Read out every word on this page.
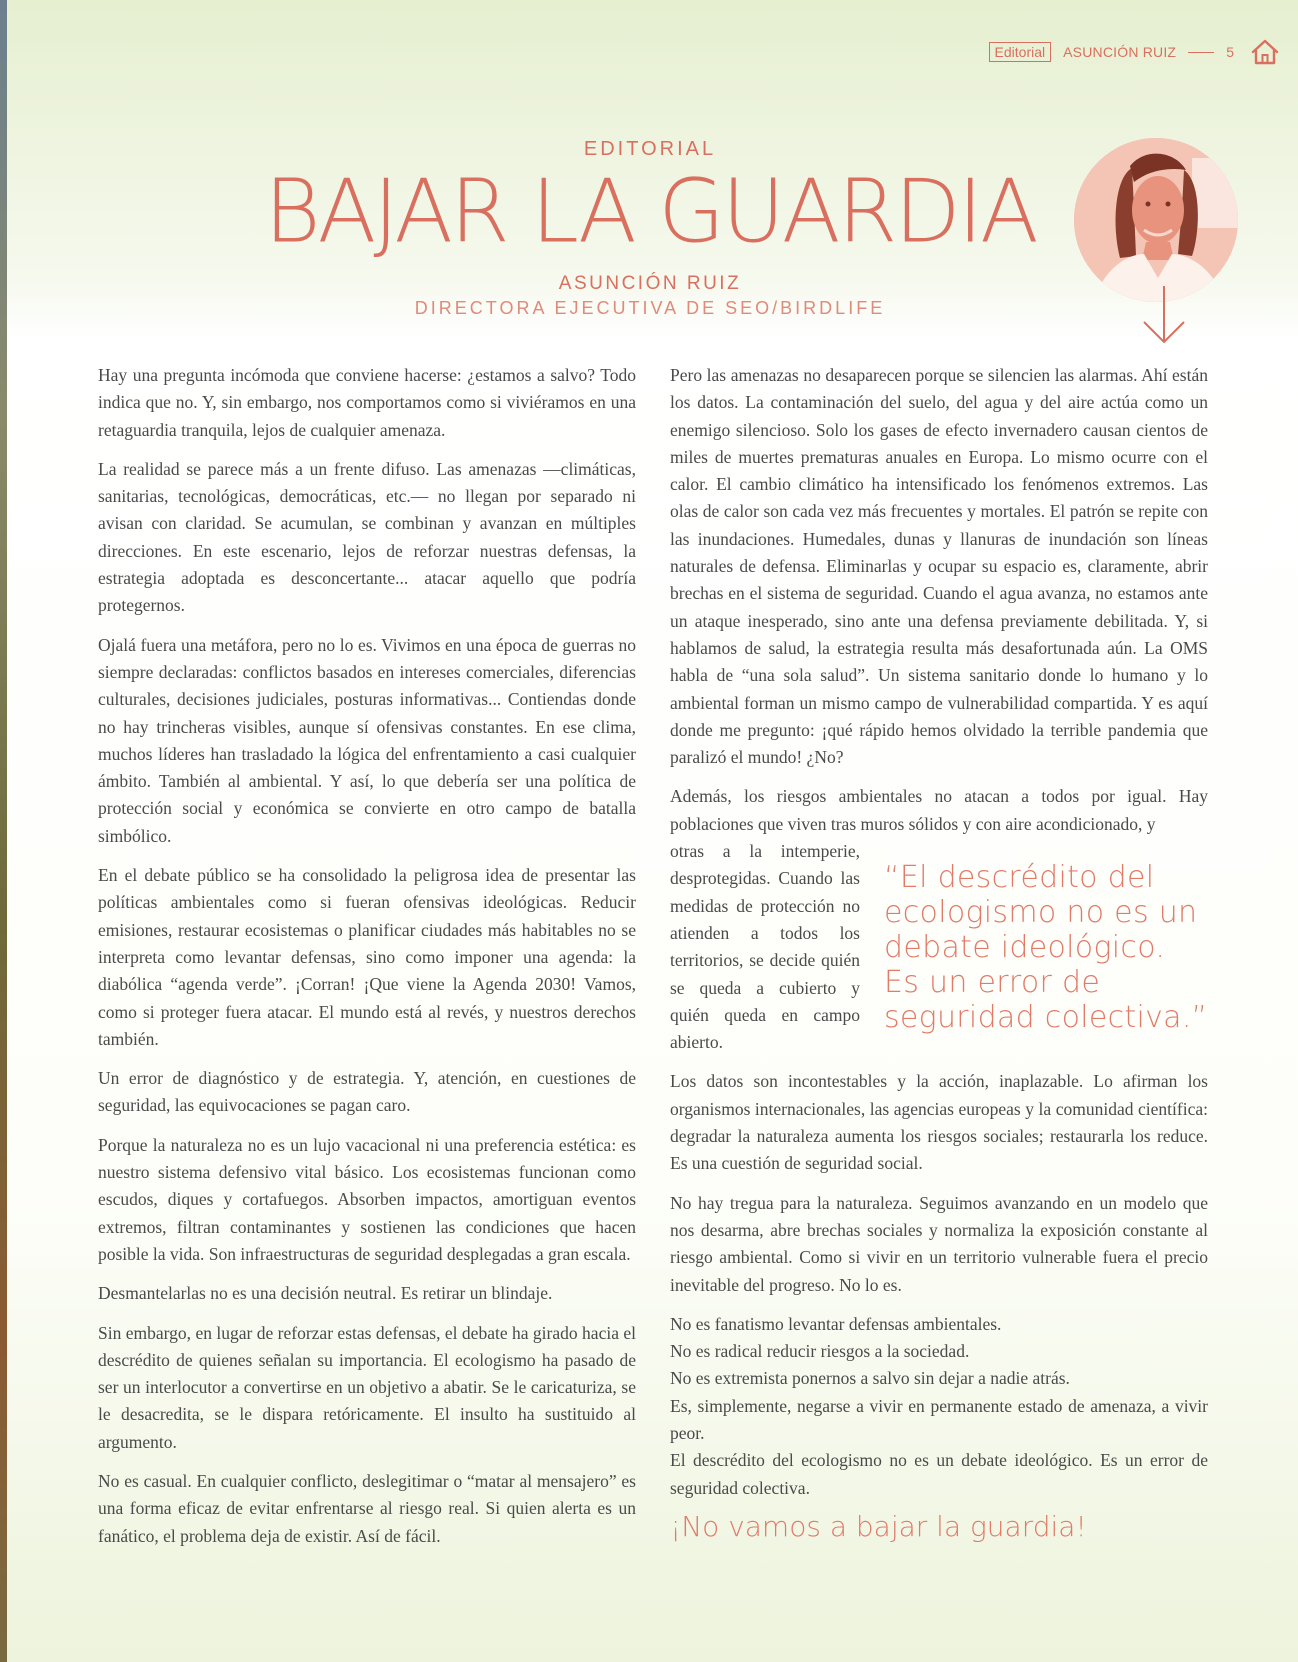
Editorial	ASUNCIÓN RUIZ	5
EDITORIAL
BAJAR LA GUARDIA
ASUNCIÓN RUIZ
DIRECTORA EJECUTIVA DE SEO/BIRDLIFE

Hay una pregunta incómoda que conviene hacerse: ¿estamos a salvo? Todo indica que no. Y, sin embargo, nos comportamos como si viviéramos en una retaguardia tranquila, lejos de cualquier amenaza.

La realidad se parece más a un frente difuso. Las amenazas —climáticas, sanitarias, tecnológicas, democráticas, etc.— no llegan por separado ni avisan con claridad. Se acumulan, se combinan y avanzan en múltiples direcciones. En este escenario, lejos de reforzar nuestras defensas, la estrategia adoptada es desconcertante... atacar aquello que podría protegernos.

Ojalá fuera una metáfora, pero no lo es. Vivimos en una época de guerras no siempre declaradas: conflictos basados en intereses comerciales, diferencias culturales, decisiones judiciales, posturas informativas... Contiendas donde no hay trincheras visibles, aunque sí ofensivas constantes. En ese clima, muchos líderes han trasladado la lógica del enfrentamiento a casi cualquier ámbito. También al ambiental. Y así, lo que debería ser una política de protección social y económica se convierte en otro campo de batalla simbólico.

En el debate público se ha consolidado la peligrosa idea de presentar las políticas ambientales como si fueran ofensivas ideológicas. Reducir emisiones, restaurar ecosistemas o planificar ciudades más habitables no se interpreta como levantar defensas, sino como imponer una agenda: la diabólica “agenda verde”. ¡Corran! ¡Que viene la Agenda 2030! Vamos, como si proteger fuera atacar. El mundo está al revés, y nuestros derechos también.

Un error de diagnóstico y de estrategia. Y, atención, en cuestiones de seguridad, las equivocaciones se pagan caro.

Porque la naturaleza no es un lujo vacacional ni una preferencia estética: es nuestro sistema defensivo vital básico. Los ecosistemas funcionan como escudos, diques y cortafuegos. Absorben impactos, amortiguan eventos extremos, filtran contaminantes y sostienen las condiciones que hacen posible la vida. Son infraestructuras de seguridad desplegadas a gran escala.

Desmantelarlas no es una decisión neutral. Es retirar un blindaje.

Sin embargo, en lugar de reforzar estas defensas, el debate ha girado hacia el descrédito de quienes señalan su importancia. El ecologismo ha pasado de ser un interlocutor a convertirse en un objetivo a abatir. Se le caricaturiza, se le desacredita, se le dispara retóricamente. El insulto ha sustituido al argumento.

No es casual. En cualquier conflicto, deslegitimar o “matar al mensajero” es una forma eficaz de evitar enfrentarse al riesgo real. Si quien alerta es un fanático, el problema deja de existir. Así de fácil.

Pero las amenazas no desaparecen porque se silencien las alarmas. Ahí están los datos. La contaminación del suelo, del agua y del aire actúa como un enemigo silencioso. Solo los gases de efecto invernadero causan cientos de miles de muertes prematuras anuales en Europa. Lo mismo ocurre con el calor. El cambio climático ha intensificado los fenómenos extremos. Las olas de calor son cada vez más frecuentes y mortales. El patrón se repite con las inundaciones. Humedales, dunas y llanuras de inundación son líneas naturales de defensa. Eliminarlas y ocupar su espacio es, claramente, abrir brechas en el sistema de seguridad. Cuando el agua avanza, no estamos ante un ataque inesperado, sino ante una defensa previamente debilitada. Y, si hablamos de salud, la estrategia resulta más desafortunada aún. La OMS habla de “una sola salud”. Un sistema sanitario donde lo humano y lo ambiental forman un mismo campo de vulnerabilidad compartida. Y es aquí donde me pregunto: ¡qué rápido hemos olvidado la terrible pandemia que paralizó el mundo! ¿No?

Además, los riesgos ambientales no atacan a todos por igual. Hay poblaciones que viven tras muros sólidos y con aire acondicionado, y

otras a la intemperie, desprotegidas. Cuando las medidas de protección no atienden a todos los territorios, se decide quién se queda a cubierto y quién queda en campo abierto.
“El descrédito del ecologismo no es un debate ideológico. Es un error de seguridad colectiva.”

Los datos son incontestables y la acción, inaplazable. Lo afirman los organismos internacionales, las agencias europeas y la comunidad científica: degradar la naturaleza aumenta los riesgos sociales; restaurarla los reduce. Es una cuestión de seguridad social.

No hay tregua para la naturaleza. Seguimos avanzando en un modelo que nos desarma, abre brechas sociales y normaliza la exposición constante al riesgo ambiental. Como si vivir en un territorio vulnerable fuera el precio inevitable del progreso. No lo es.

No es fanatismo levantar defensas ambientales.
No es radical reducir riesgos a la sociedad.
No es extremista ponernos a salvo sin dejar a nadie atrás.
Es, simplemente, negarse a vivir en permanente estado de amenaza, a vivir peor.
El descrédito del ecologismo no es un debate ideológico. Es un error de seguridad colectiva.
¡No vamos a bajar la guardia!
